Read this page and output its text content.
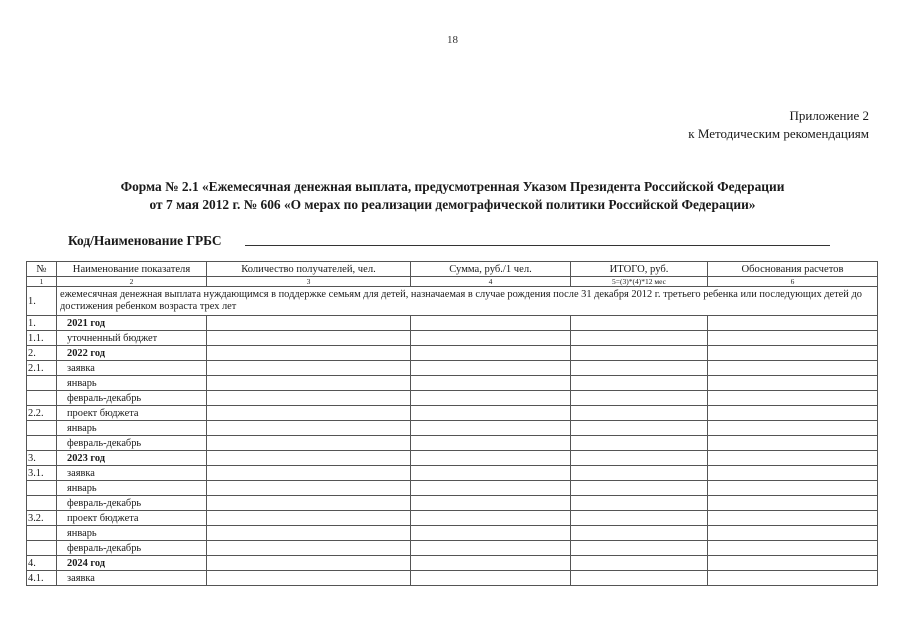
18
Приложение 2
к Методическим рекомендациям
Форма № 2.1 «Ежемесячная денежная выплата, предусмотренная Указом Президента Российской Федерации
от 7 мая 2012 г. № 606 «О мерах по реализации демографической политики Российской Федерации»
Код/Наименование ГРБС
№	Наименование показателя	Количество получателей, чел.	Сумма, руб./1 чел.	ИТОГО, руб.	Обоснования расчетов
1	2	3	4	5=(3)*(4)*12 мес	6
1.	ежемесячная денежная выплата нуждающимся в поддержке семьям для детей, назначаемая в случае рождения после 31 декабря 2012 г. третьего ребенка или последующих детей до достижения ребенком возраста трех лет				
1.	2021 год				
1.1.	уточненный бюджет				
2.	2022 год				
2.1.	заявка				
	январь				
	февраль-декабрь				
2.2.	проект бюджета				
	январь				
	февраль-декабрь				
3.	2023 год				
3.1.	заявка				
	январь				
	февраль-декабрь				
3.2.	проект бюджета				
	январь				
	февраль-декабрь				
4.	2024 год				
4.1.	заявка				
